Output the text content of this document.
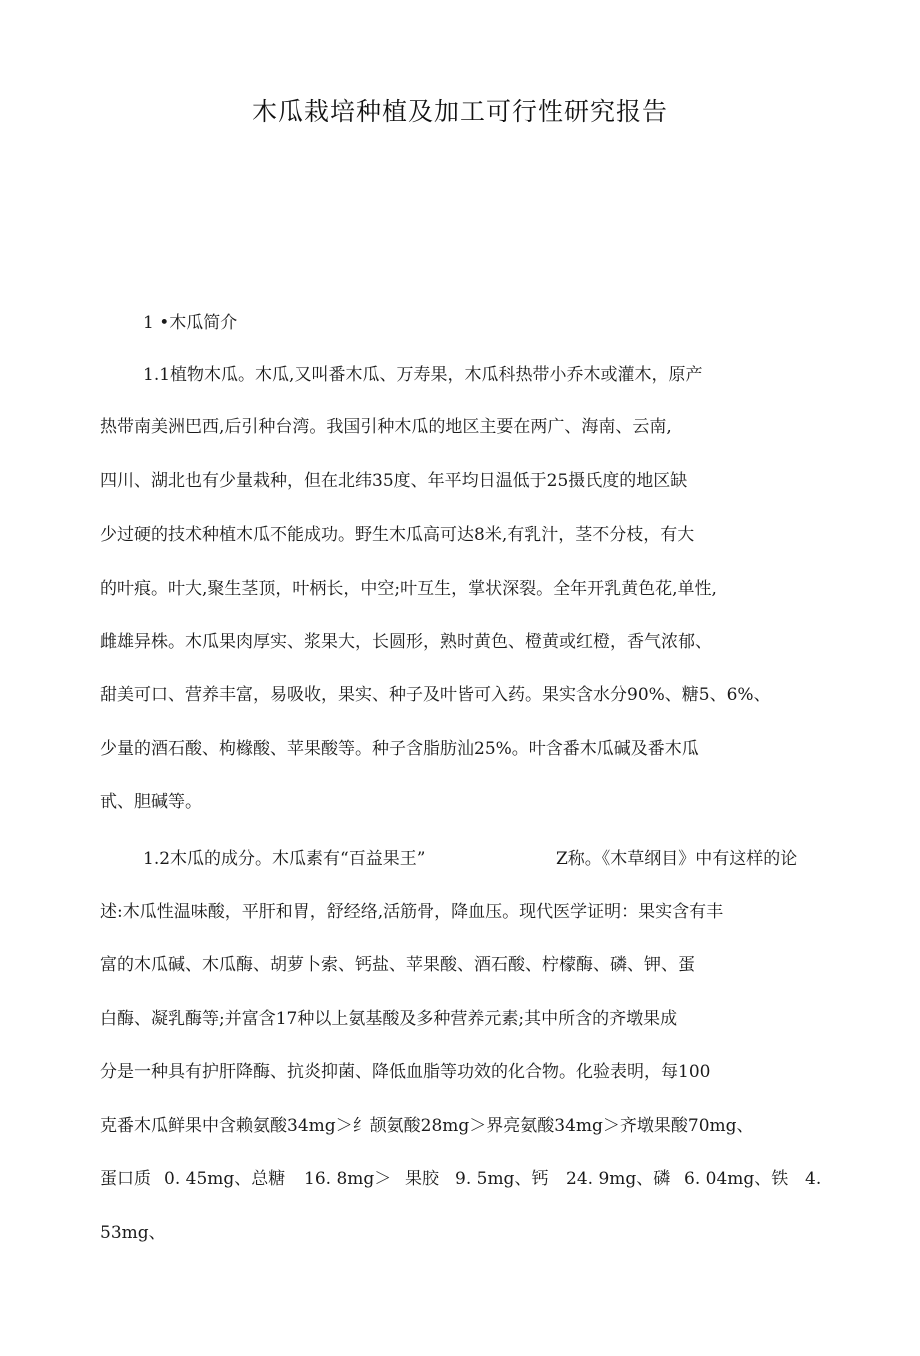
木瓜栽培种植及加工可行性研究报告
1 •木瓜简介
1.1植物木瓜。木瓜,又叫番木瓜、万寿果，木瓜科热带小乔木或灌木，原产
热带南美洲巴西,后引种台湾。我国引种木瓜的地区主要在两广、海南、云南,
四川、湖北也有少量栽种，但在北纬35度、年平均日温低于25摄氏度的地区缺
少过硬的技术种植木瓜不能成功。野生木瓜高可达8米,有乳汁，茎不分枝，有大
的叶痕。叶大,聚生茎顶，叶柄长，中空;叶互生，掌状深裂。全年开乳黄色花,单性,
雌雄异株。木瓜果肉厚实、浆果大，长圆形，熟时黄色、橙黄或红橙，香气浓郁、
甜美可口、营养丰富，易吸收，果实、种子及叶皆可入药。果实含水分90%、糖5、6%、
少量的酒石酸、枸橼酸、苹果酸等。种子含脂肪汕25%。叶含番木瓜碱及番木瓜
甙、胆碱等。
1.2木瓜的成分。木瓜素有“百益果王”	Z称。《木草纲目》中有这样的论
述:木瓜性温味酸，平肝和胃，舒经络,活筋骨，降血压。现代医学证明：果实含有丰
富的木瓜碱、木瓜酶、胡萝卜索、钙盐、苹果酸、酒石酸、柠檬酶、磷、钾、蛋
白酶、凝乳酶等;并富含17种以上氨基酸及多种营养元素;其中所含的齐墩果成
分是一种具有护肝降酶、抗炎抑菌、降低血脂等功效的化合物。化验表明，每100
克番木瓜鲜果中含赖氨酸34mg＞纟颉氨酸28mg＞界亮氨酸34mg＞齐墩果酸70mg、
蛋口质 0. 45mg、总糖 16. 8mg＞ 果胶 9. 5mg、钙 24. 9mg、磷 6. 04mg、铁 4.
53mg、
